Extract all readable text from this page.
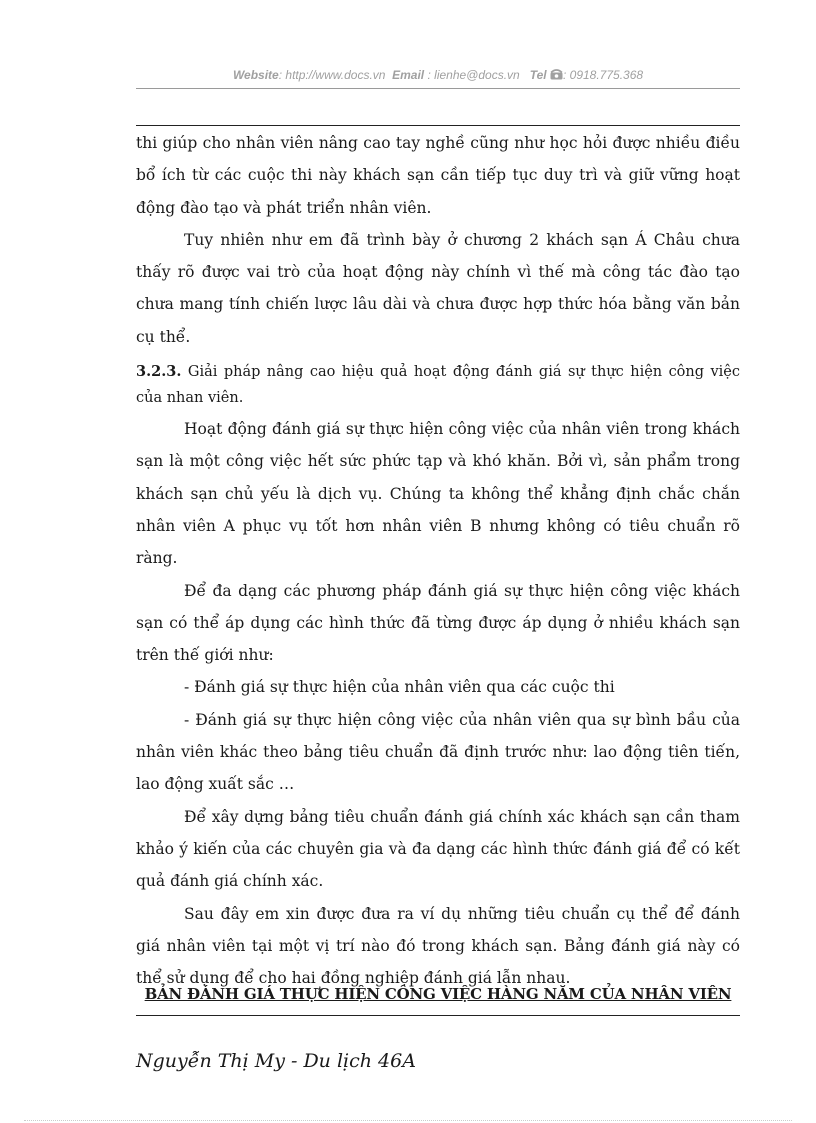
Website: http://www.docs.vn Email : lienhe@docs.vn Tel : 0918.775.368

thi giúp cho nhân viên nâng cao tay nghề cũng như học hỏi được nhiều điều bổ ích từ các cuộc thi này khách sạn cần tiếp tục duy trì và giữ vững hoạt động đào tạo và phát triển nhân viên.

Tuy nhiên như em đã trình bày ở chương 2 khách sạn Á Châu chưa thấy rõ được vai trò của hoạt động này chính vì thế mà công tác đào tạo chưa mang tính chiến lược lâu dài và chưa được hợp thức hóa bằng văn bản cụ thể.

3.2.3. Giải pháp nâng cao hiệu quả hoạt động đánh giá sự thực hiện công việc của nhan viên.

Hoạt động đánh giá sự thực hiện công việc của nhân viên trong khách sạn là một công việc hết sức phức tạp và khó khăn. Bởi vì, sản phẩm trong khách sạn chủ yếu là dịch vụ. Chúng ta không thể khẳng định chắc chắn nhân viên A phục vụ tốt hơn nhân viên B nhưng không có tiêu chuẩn rõ ràng.

Để đa dạng các phương pháp đánh giá sự thực hiện công việc khách sạn có thể áp dụng các hình thức đã từng được áp dụng ở nhiều khách sạn trên thế giới như:

- Đánh giá sự thực hiện của nhân viên qua các cuộc thi

- Đánh giá sự thực hiện công việc của nhân viên qua sự bình bầu của nhân viên khác theo bảng tiêu chuẩn đã định trước như: lao động tiên tiến, lao động xuất sắc …

Để xây dựng bảng tiêu chuẩn đánh giá chính xác khách sạn cần tham khảo ý kiến của các chuyên gia và đa dạng các hình thức đánh giá để có kết quả đánh giá chính xác.

Sau đây em xin được đưa ra ví dụ những tiêu chuẩn cụ thể để đánh giá nhân viên tại một vị trí nào đó trong khách sạn. Bảng đánh giá này có thể sử dụng để cho hai đồng nghiệp đánh giá lẫn nhau.

BẢN ĐÁNH GIÁ THỰC HIỆN CÔNG VIỆC HÀNG NĂM CỦA NHÂN VIÊN
Nguyễn Thị My - Du lịch 46A
